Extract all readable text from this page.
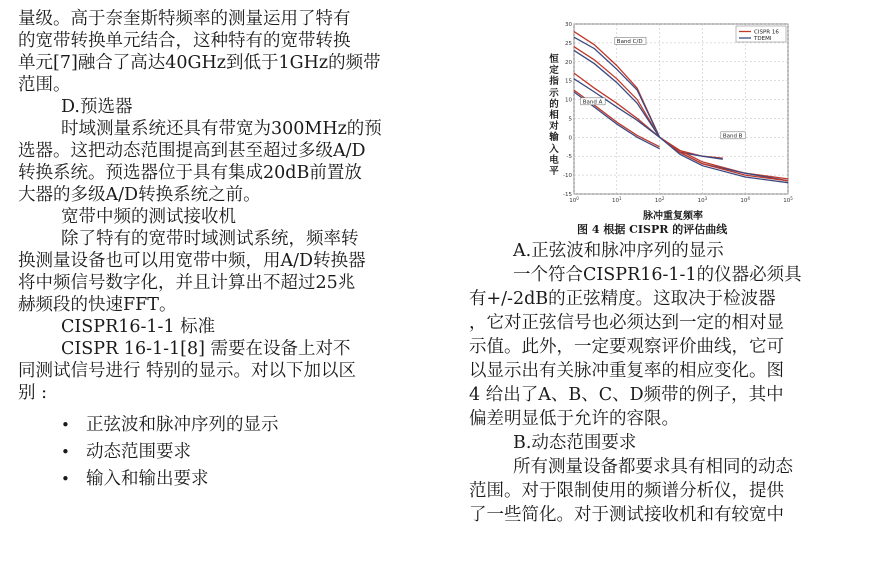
量级。高于奈奎斯特频率的测量运用了特有
的宽带转换单元结合，这种特有的宽带转换
单元[7]融合了高达40GHz到低于1GHz的频带
范围。
D.预选器
时域测量系统还具有带宽为300MHz的预
选器。这把动态范围提高到甚至超过多级A/D
转换系统。预选器位于具有集成20dB前置放
大器的多级A/D转换系统之前。
宽带中频的测试接收机
除了特有的宽带时域测试系统，频率转
换测量设备也可以用宽带中频，用A/D转换器
将中频信号数字化，并且计算出不超过25兆
赫频段的快速FFT。
CISPR16-1-1 标准
CISPR 16-1-1[8] 需要在设备上对不
同测试信号进行 特别的显示。对以下加以区
别 :
• 正弦波和脉冲序列的显示
• 动态范围要求
• 输入和输出要求
恒定指示的相对输入电平
30
25
20
15
10
5
0
-5
-10
-15
$10^0$	$10^1$	$10^2$	$10^3$	$10^4$	$10^5$
Band C/D
Band A
Band B
CISPR 16
TDEMI
脉冲重复频率
图 4 根据 CISPR 的评估曲线
A.正弦波和脉冲序列的显示
一个符合CISPR16-1-1的仪器必须具
有+/-2dB的正弦精度。这取决于检波器
，它对正弦信号也必须达到一定的相对显
示值。此外，一定要观察评价曲线，它可
以显示出有关脉冲重复率的相应变化。图
4 给出了A、B、C、D频带的例子，其中
偏差明显低于允许的容限。
B.动态范围要求
所有测量设备都要求具有相同的动态
范围。对于限制使用的频谱分析仪，提供
了一些简化。对于测试接收机和有较宽中
